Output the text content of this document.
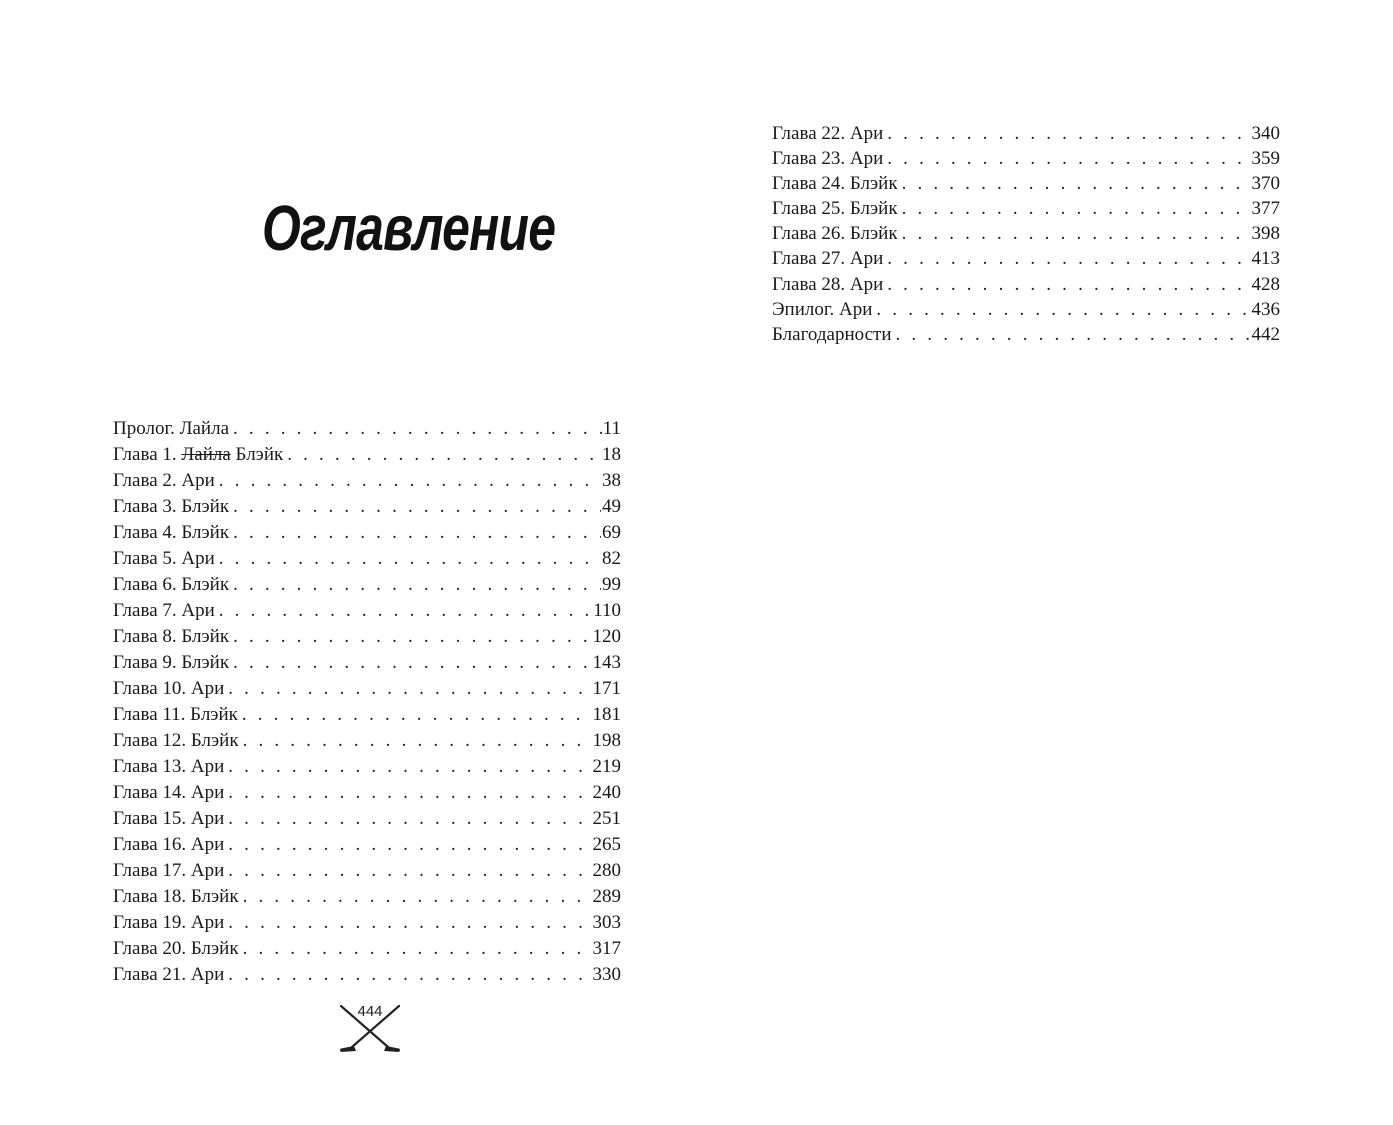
Оглавление
Пролог. Лайла . . .	11
Глава 1. Лайла Блэйк . . .	18
Глава 2. Ари . . .	38
Глава 3. Блэйк . . .	49
Глава 4. Блэйк . . .	69
Глава 5. Ари . . .	82
Глава 6. Блэйк . . .	99
Глава 7. Ари . . .	110
Глава 8. Блэйк . . .	120
Глава 9. Блэйк . . .	143
Глава 10. Ари . . .	171
Глава 11. Блэйк . . .	181
Глава 12. Блэйк . . .	198
Глава 13. Ари . . .	219
Глава 14. Ари . . .	240
Глава 15. Ари . . .	251
Глава 16. Ари . . .	265
Глава 17. Ари . . .	280
Глава 18. Блэйк . . .	289
Глава 19. Ари . . .	303
Глава 20. Блэйк . . .	317
Глава 21. Ари . . .	330
444
Глава 22. Ари . . .	340
Глава 23. Ари . . .	359
Глава 24. Блэйк . . .	370
Глава 25. Блэйк . . .	377
Глава 26. Блэйк . . .	398
Глава 27. Ари . . .	413
Глава 28. Ари . . .	428
Эпилог. Ари . . .	436
Благодарности . . .	442
